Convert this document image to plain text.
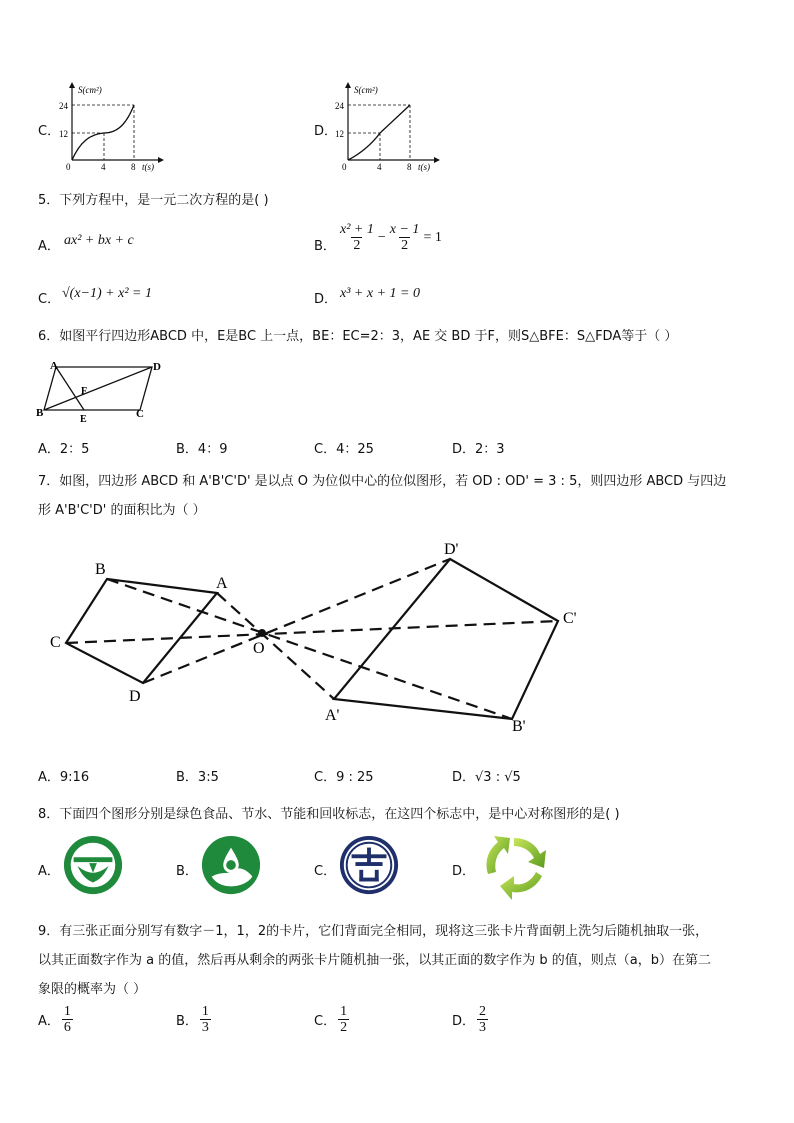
C．
S(cm²)
24
12
0	4	8 t(s)
D．
S(cm²)
24
12
0	4	8 t(s)
5．下列方程中，是一元二次方程的是( )
A． ax² + bx + c	B． $\frac{\text{x² + 1}}{2} - \frac{x - 1}{2} = 1$
C． √(x−1) + x² = 1	D． x³ + x + 1 = 0
6．如图平行四边形ABCD 中，E是BC 上一点，BE：EC=2：3，AE 交 BD 于F，则S△BFE：S△FDA等于（ ）
A	D
B	C
E
F
A．2：5	B．4：9	C．4：25	D．2：3
7．如图，四边形 ABCD 和 A'B'C'D' 是以点 O 为位似中心的位似图形，若 OD : OD' = 3 : 5，则四边形 ABCD 与四边
形 A'B'C'D' 的面积比为（ ）
B
A
C
D
O
D'
C'
A'
B'
A．9:16	B．3:5	C．9 : 25	D．√3 : √5
8．下面四个图形分别是绿色食品、节水、节能和回收标志，在这四个标志中，是中心对称图形的是( )
A．	B．	C．	D．
9．有三张正面分别写有数字－1，1，2的卡片，它们背面完全相同，现将这三张卡片背面朝上洗匀后随机抽取一张，
以其正面数字作为 a 的值，然后再从剩余的两张卡片随机抽一张，以其正面的数字作为 b 的值，则点（a，b）在第二
象限的概率为（ ）
A． $\frac{1}{6}$	B． $\frac{1}{3}$	C． $\frac{1}{2}$	D． $\frac{2}{3}$
